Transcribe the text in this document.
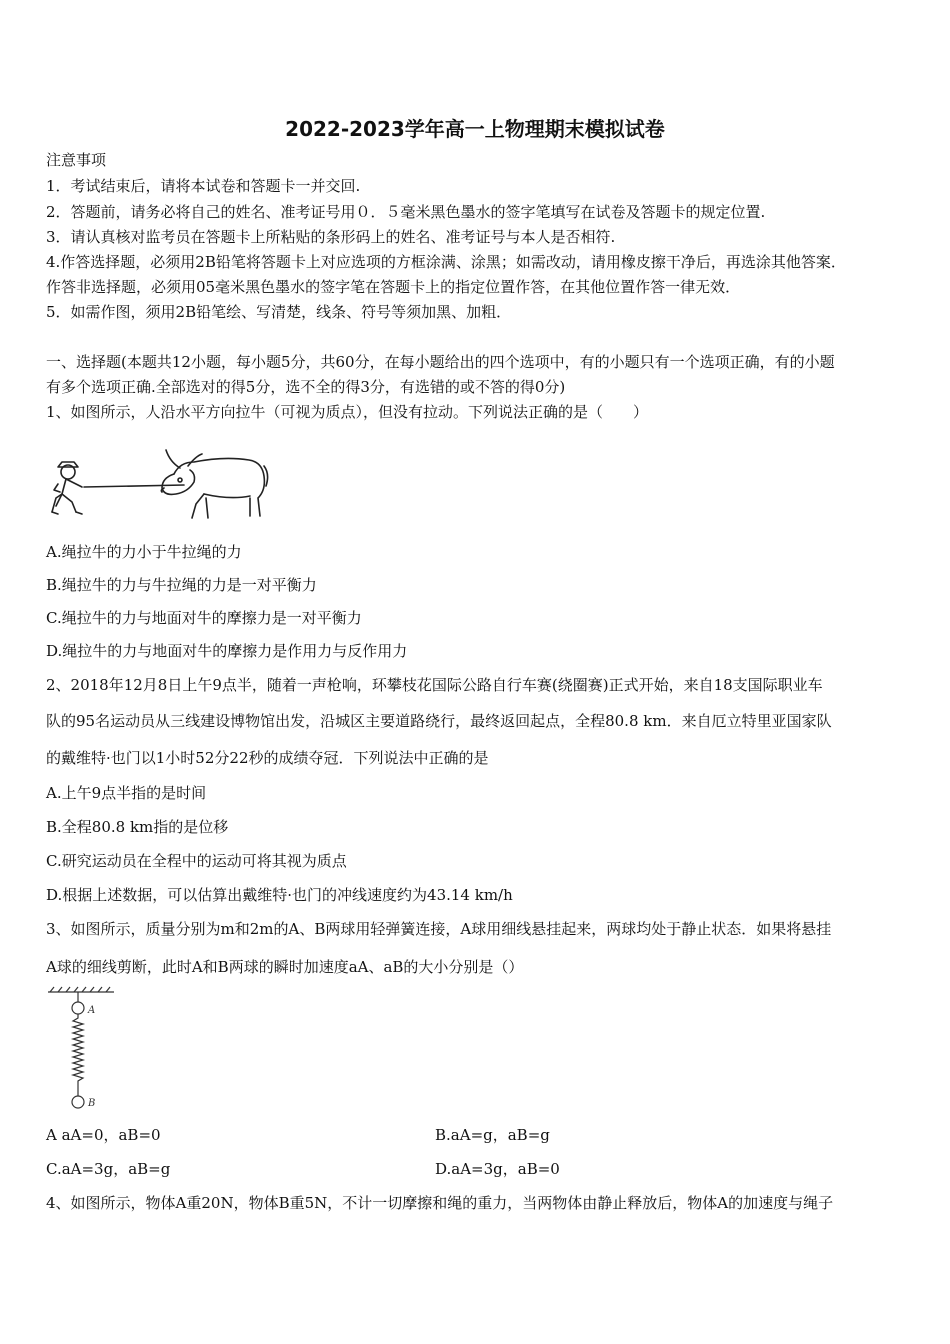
2022-2023学年高一上物理期末模拟试卷
注意事项
1．考试结束后，请将本试卷和答题卡一并交回.
2．答题前，请务必将自己的姓名、准考证号用０．５毫米黑色墨水的签字笔填写在试卷及答题卡的规定位置.
3．请认真核对监考员在答题卡上所粘贴的条形码上的姓名、准考证号与本人是否相符.
4.作答选择题，必须用2B铅笔将答题卡上对应选项的方框涂满、涂黑；如需改动，请用橡皮擦干净后，再选涂其他答案．
作答非选择题，必须用05毫米黑色墨水的签字笔在答题卡上的指定位置作答，在其他位置作答一律无效．
5．如需作图，须用2B铅笔绘、写清楚，线条、符号等须加黑、加粗．
一、选择题(本题共12小题，每小题5分，共60分，在每小题给出的四个选项中，有的小题只有一个选项正确，有的小题
有多个选项正确.全部选对的得5分，选不全的得3分，有选错的或不答的得0分)
1、如图所示，人沿水平方向拉牛（可视为质点），但没有拉动。下列说法正确的是（　　）
A.绳拉牛的力小于牛拉绳的力
B.绳拉牛的力与牛拉绳的力是一对平衡力
C.绳拉牛的力与地面对牛的摩擦力是一对平衡力
D.绳拉牛的力与地面对牛的摩擦力是作用力与反作用力
2、2018年12月8日上午9点半，随着一声枪响，环攀枝花国际公路自行车赛(绕圈赛)正式开始，来自18支国际职业车
队的95名运动员从三线建设博物馆出发，沿城区主要道路绕行，最终返回起点，全程80.8 km．来自厄立特里亚国家队
的戴维特·也门以1小时52分22秒的成绩夺冠．下列说法中正确的是
A.上午9点半指的是时间
B.全程80.8 km指的是位移
C.研究运动员在全程中的运动可将其视为质点
D.根据上述数据，可以估算出戴维特·也门的冲线速度约为43.14 km/h
3、如图所示，质量分别为m和2m的A、B两球用轻弹簧连接，A球用细线悬挂起来，两球均处于静止状态．如果将悬挂
A球的细线剪断，此时A和B两球的瞬时加速度aA、aB的大小分别是（）
A
B
A aA=0，aB=0	B.aA=g，aB=g
C.aA=3g，aB=g	D.aA=3g，aB=0
4、如图所示，物体A重20N，物体B重5N，不计一切摩擦和绳的重力，当两物体由静止释放后，物体A的加速度与绳子
